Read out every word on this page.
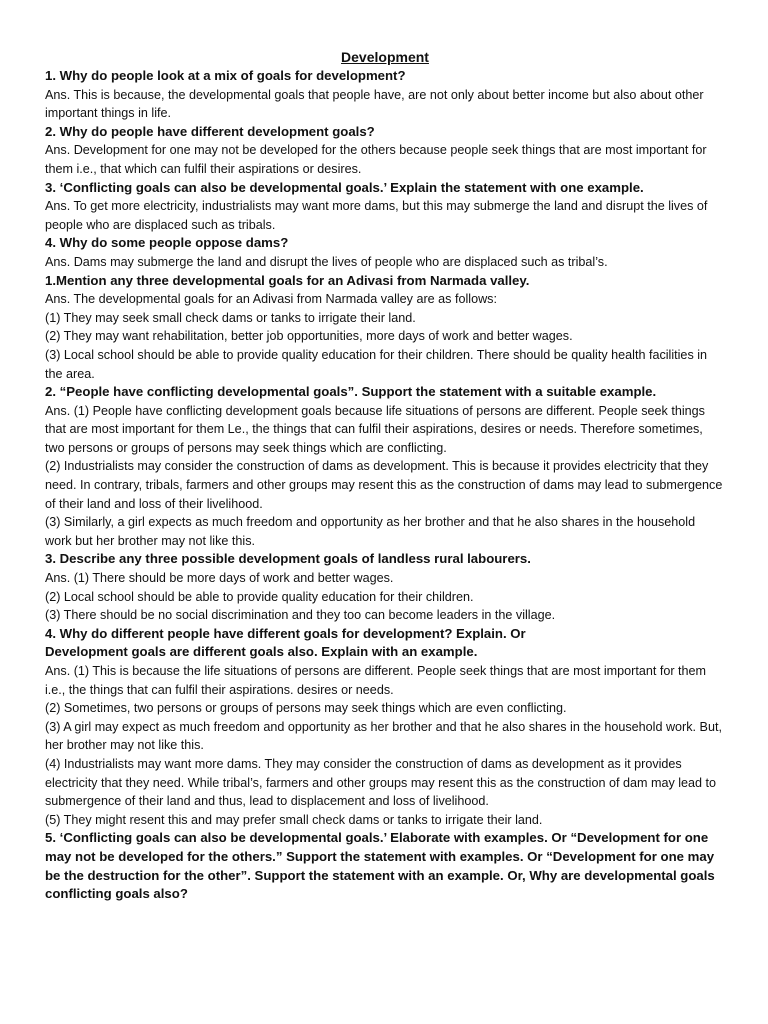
Development

1. Why do people look at a mix of goals for development?

Ans. This is because, the developmental goals that people have, are not only about better income but also about other important things in life.

2. Why do people have different development goals?

Ans. Development for one may not be developed for the others because people seek things that are most important for them i.e., that which can fulfil their aspirations or desires.

3. ‘Conflicting goals can also be developmental goals.’ Explain the statement with one example.

Ans. To get more electricity, industrialists may want more dams, but this may submerge the land and disrupt the lives of people who are displaced such as tribals.

4. Why do some people oppose dams?

Ans. Dams may submerge the land and disrupt the lives of people who are displaced such as tribal’s.

1.Mention any three developmental goals for an Adivasi from Narmada valley.

Ans. The developmental goals for an Adivasi from Narmada valley are as follows:

(1) They may seek small check dams or tanks to irrigate their land.

(2) They may want rehabilitation, better job opportunities, more days of work and better wages.

(3) Local school should be able to provide quality education for their children. There should be quality health facilities in the area.

2. “People have conflicting developmental goals”. Support the statement with a suitable example.

Ans. (1) People have conflicting development goals because life situations of persons are different. People seek things that are most important for them Le., the things that can fulfil their aspirations, desires or needs. Therefore sometimes, two persons or groups of persons may seek things which are conflicting.

(2) Industrialists may consider the construction of dams as development. This is because it provides electricity that they need. In contrary, tribals, farmers and other groups may resent this as the construction of dams may lead to submergence of their land and loss of their livelihood.

(3) Similarly, a girl expects as much freedom and opportunity as her brother and that he also shares in the household work but her brother may not like this.

3. Describe any three possible development goals of landless rural labourers.

Ans. (1) There should be more days of work and better wages.

(2) Local school should be able to provide quality education for their children.

(3) There should be no social discrimination and they too can become leaders in the village.

4. Why do different people have different goals for development? Explain. Or

Development goals are different goals also. Explain with an example.

Ans. (1) This is because the life situations of persons are different. People seek things that are most important for them i.e., the things that can fulfil their aspirations. desires or needs.

(2) Sometimes, two persons or groups of persons may seek things which are even conflicting.

(3) A girl may expect as much freedom and opportunity as her brother and that he also shares in the household work. But, her brother may not like this.

(4) Industrialists may want more dams. They may consider the construction of dams as development as it provides electricity that they need. While tribal’s, farmers and other groups may resent this as the construction of dam may lead to submergence of their land and thus, lead to displacement and loss of livelihood.

(5) They might resent this and may prefer small check dams or tanks to irrigate their land.

5. ‘Conflicting goals can also be developmental goals.’ Elaborate with examples. Or “Development for one may not be developed for the others.” Support the statement with examples. Or “Development for one may be the destruction for the other”. Support the statement with an example. Or, Why are developmental goals conflicting goals also?
